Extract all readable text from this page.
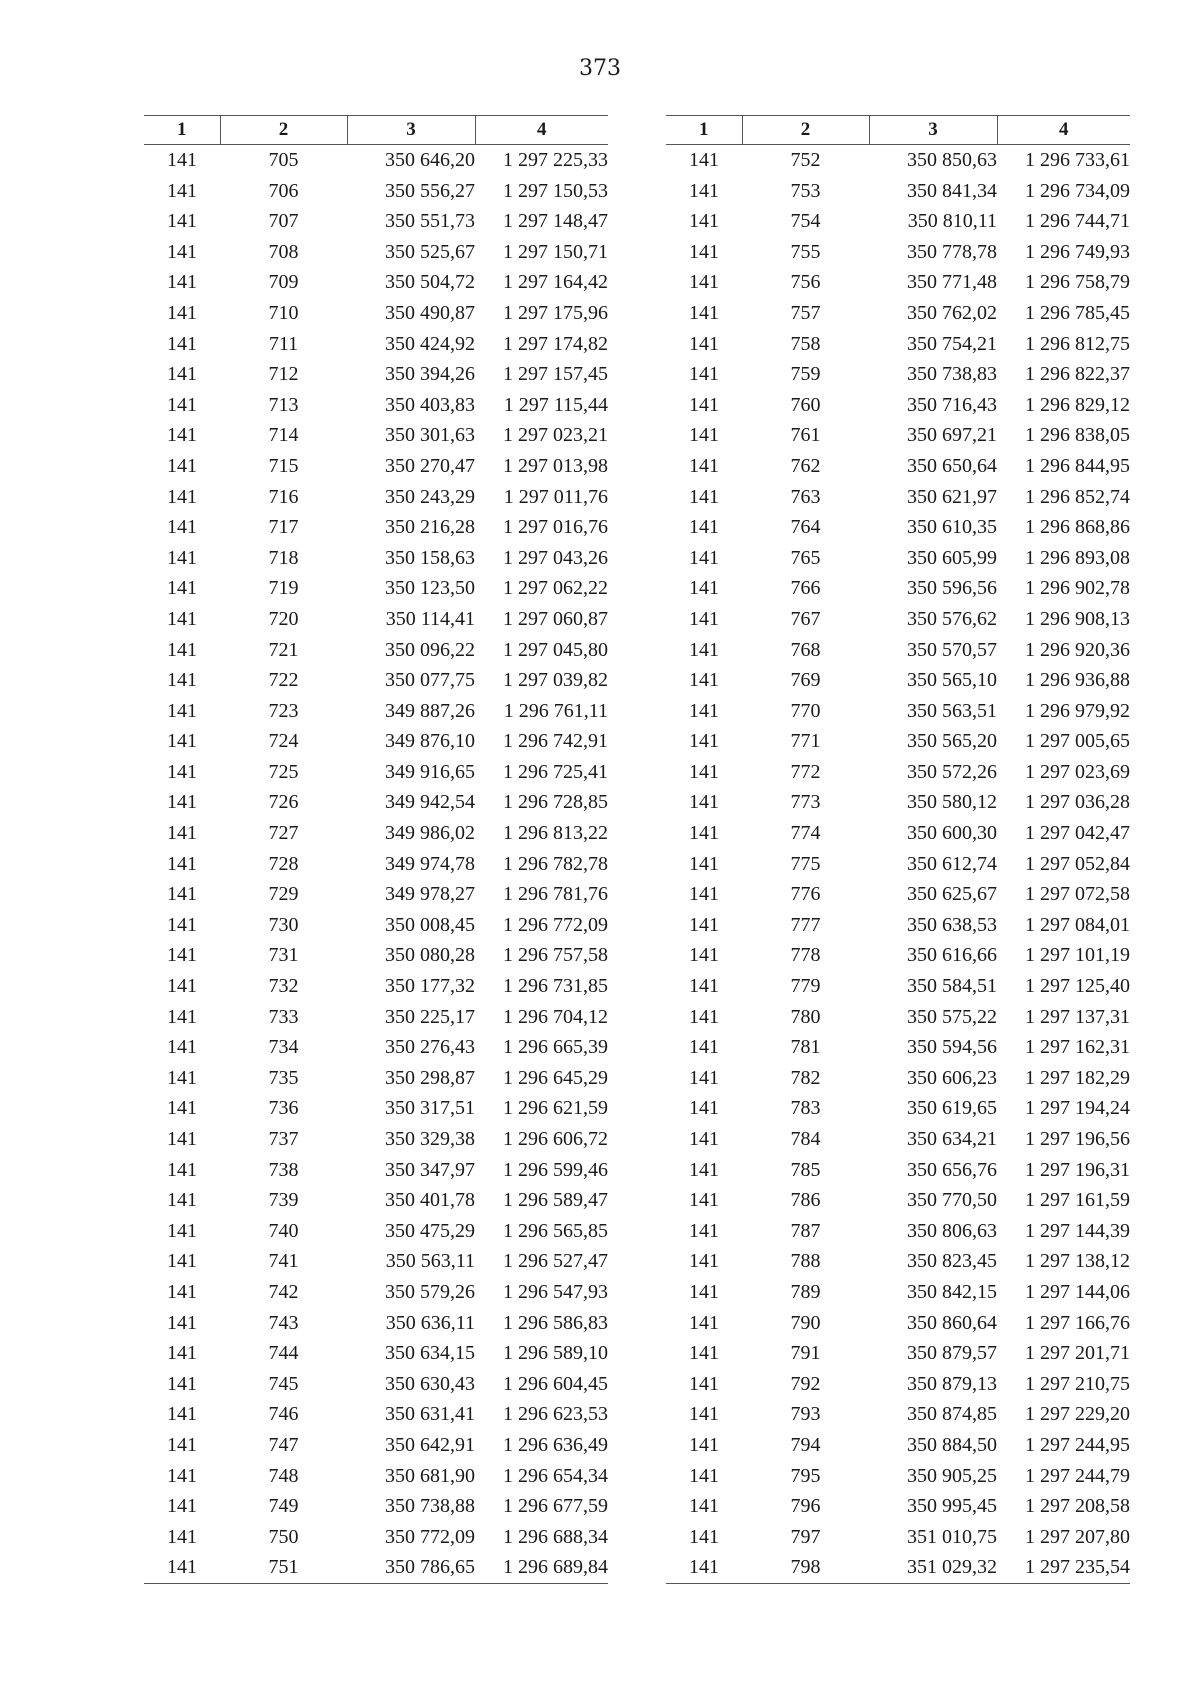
373
1	2	3	4
141	705	350 646,20	1 297 225,33
141	706	350 556,27	1 297 150,53
141	707	350 551,73	1 297 148,47
141	708	350 525,67	1 297 150,71
141	709	350 504,72	1 297 164,42
141	710	350 490,87	1 297 175,96
141	711	350 424,92	1 297 174,82
141	712	350 394,26	1 297 157,45
141	713	350 403,83	1 297 115,44
141	714	350 301,63	1 297 023,21
141	715	350 270,47	1 297 013,98
141	716	350 243,29	1 297 011,76
141	717	350 216,28	1 297 016,76
141	718	350 158,63	1 297 043,26
141	719	350 123,50	1 297 062,22
141	720	350 114,41	1 297 060,87
141	721	350 096,22	1 297 045,80
141	722	350 077,75	1 297 039,82
141	723	349 887,26	1 296 761,11
141	724	349 876,10	1 296 742,91
141	725	349 916,65	1 296 725,41
141	726	349 942,54	1 296 728,85
141	727	349 986,02	1 296 813,22
141	728	349 974,78	1 296 782,78
141	729	349 978,27	1 296 781,76
141	730	350 008,45	1 296 772,09
141	731	350 080,28	1 296 757,58
141	732	350 177,32	1 296 731,85
141	733	350 225,17	1 296 704,12
141	734	350 276,43	1 296 665,39
141	735	350 298,87	1 296 645,29
141	736	350 317,51	1 296 621,59
141	737	350 329,38	1 296 606,72
141	738	350 347,97	1 296 599,46
141	739	350 401,78	1 296 589,47
141	740	350 475,29	1 296 565,85
141	741	350 563,11	1 296 527,47
141	742	350 579,26	1 296 547,93
141	743	350 636,11	1 296 586,83
141	744	350 634,15	1 296 589,10
141	745	350 630,43	1 296 604,45
141	746	350 631,41	1 296 623,53
141	747	350 642,91	1 296 636,49
141	748	350 681,90	1 296 654,34
141	749	350 738,88	1 296 677,59
141	750	350 772,09	1 296 688,34
141	751	350 786,65	1 296 689,84
1	2	3	4
141	752	350 850,63	1 296 733,61
141	753	350 841,34	1 296 734,09
141	754	350 810,11	1 296 744,71
141	755	350 778,78	1 296 749,93
141	756	350 771,48	1 296 758,79
141	757	350 762,02	1 296 785,45
141	758	350 754,21	1 296 812,75
141	759	350 738,83	1 296 822,37
141	760	350 716,43	1 296 829,12
141	761	350 697,21	1 296 838,05
141	762	350 650,64	1 296 844,95
141	763	350 621,97	1 296 852,74
141	764	350 610,35	1 296 868,86
141	765	350 605,99	1 296 893,08
141	766	350 596,56	1 296 902,78
141	767	350 576,62	1 296 908,13
141	768	350 570,57	1 296 920,36
141	769	350 565,10	1 296 936,88
141	770	350 563,51	1 296 979,92
141	771	350 565,20	1 297 005,65
141	772	350 572,26	1 297 023,69
141	773	350 580,12	1 297 036,28
141	774	350 600,30	1 297 042,47
141	775	350 612,74	1 297 052,84
141	776	350 625,67	1 297 072,58
141	777	350 638,53	1 297 084,01
141	778	350 616,66	1 297 101,19
141	779	350 584,51	1 297 125,40
141	780	350 575,22	1 297 137,31
141	781	350 594,56	1 297 162,31
141	782	350 606,23	1 297 182,29
141	783	350 619,65	1 297 194,24
141	784	350 634,21	1 297 196,56
141	785	350 656,76	1 297 196,31
141	786	350 770,50	1 297 161,59
141	787	350 806,63	1 297 144,39
141	788	350 823,45	1 297 138,12
141	789	350 842,15	1 297 144,06
141	790	350 860,64	1 297 166,76
141	791	350 879,57	1 297 201,71
141	792	350 879,13	1 297 210,75
141	793	350 874,85	1 297 229,20
141	794	350 884,50	1 297 244,95
141	795	350 905,25	1 297 244,79
141	796	350 995,45	1 297 208,58
141	797	351 010,75	1 297 207,80
141	798	351 029,32	1 297 235,54
